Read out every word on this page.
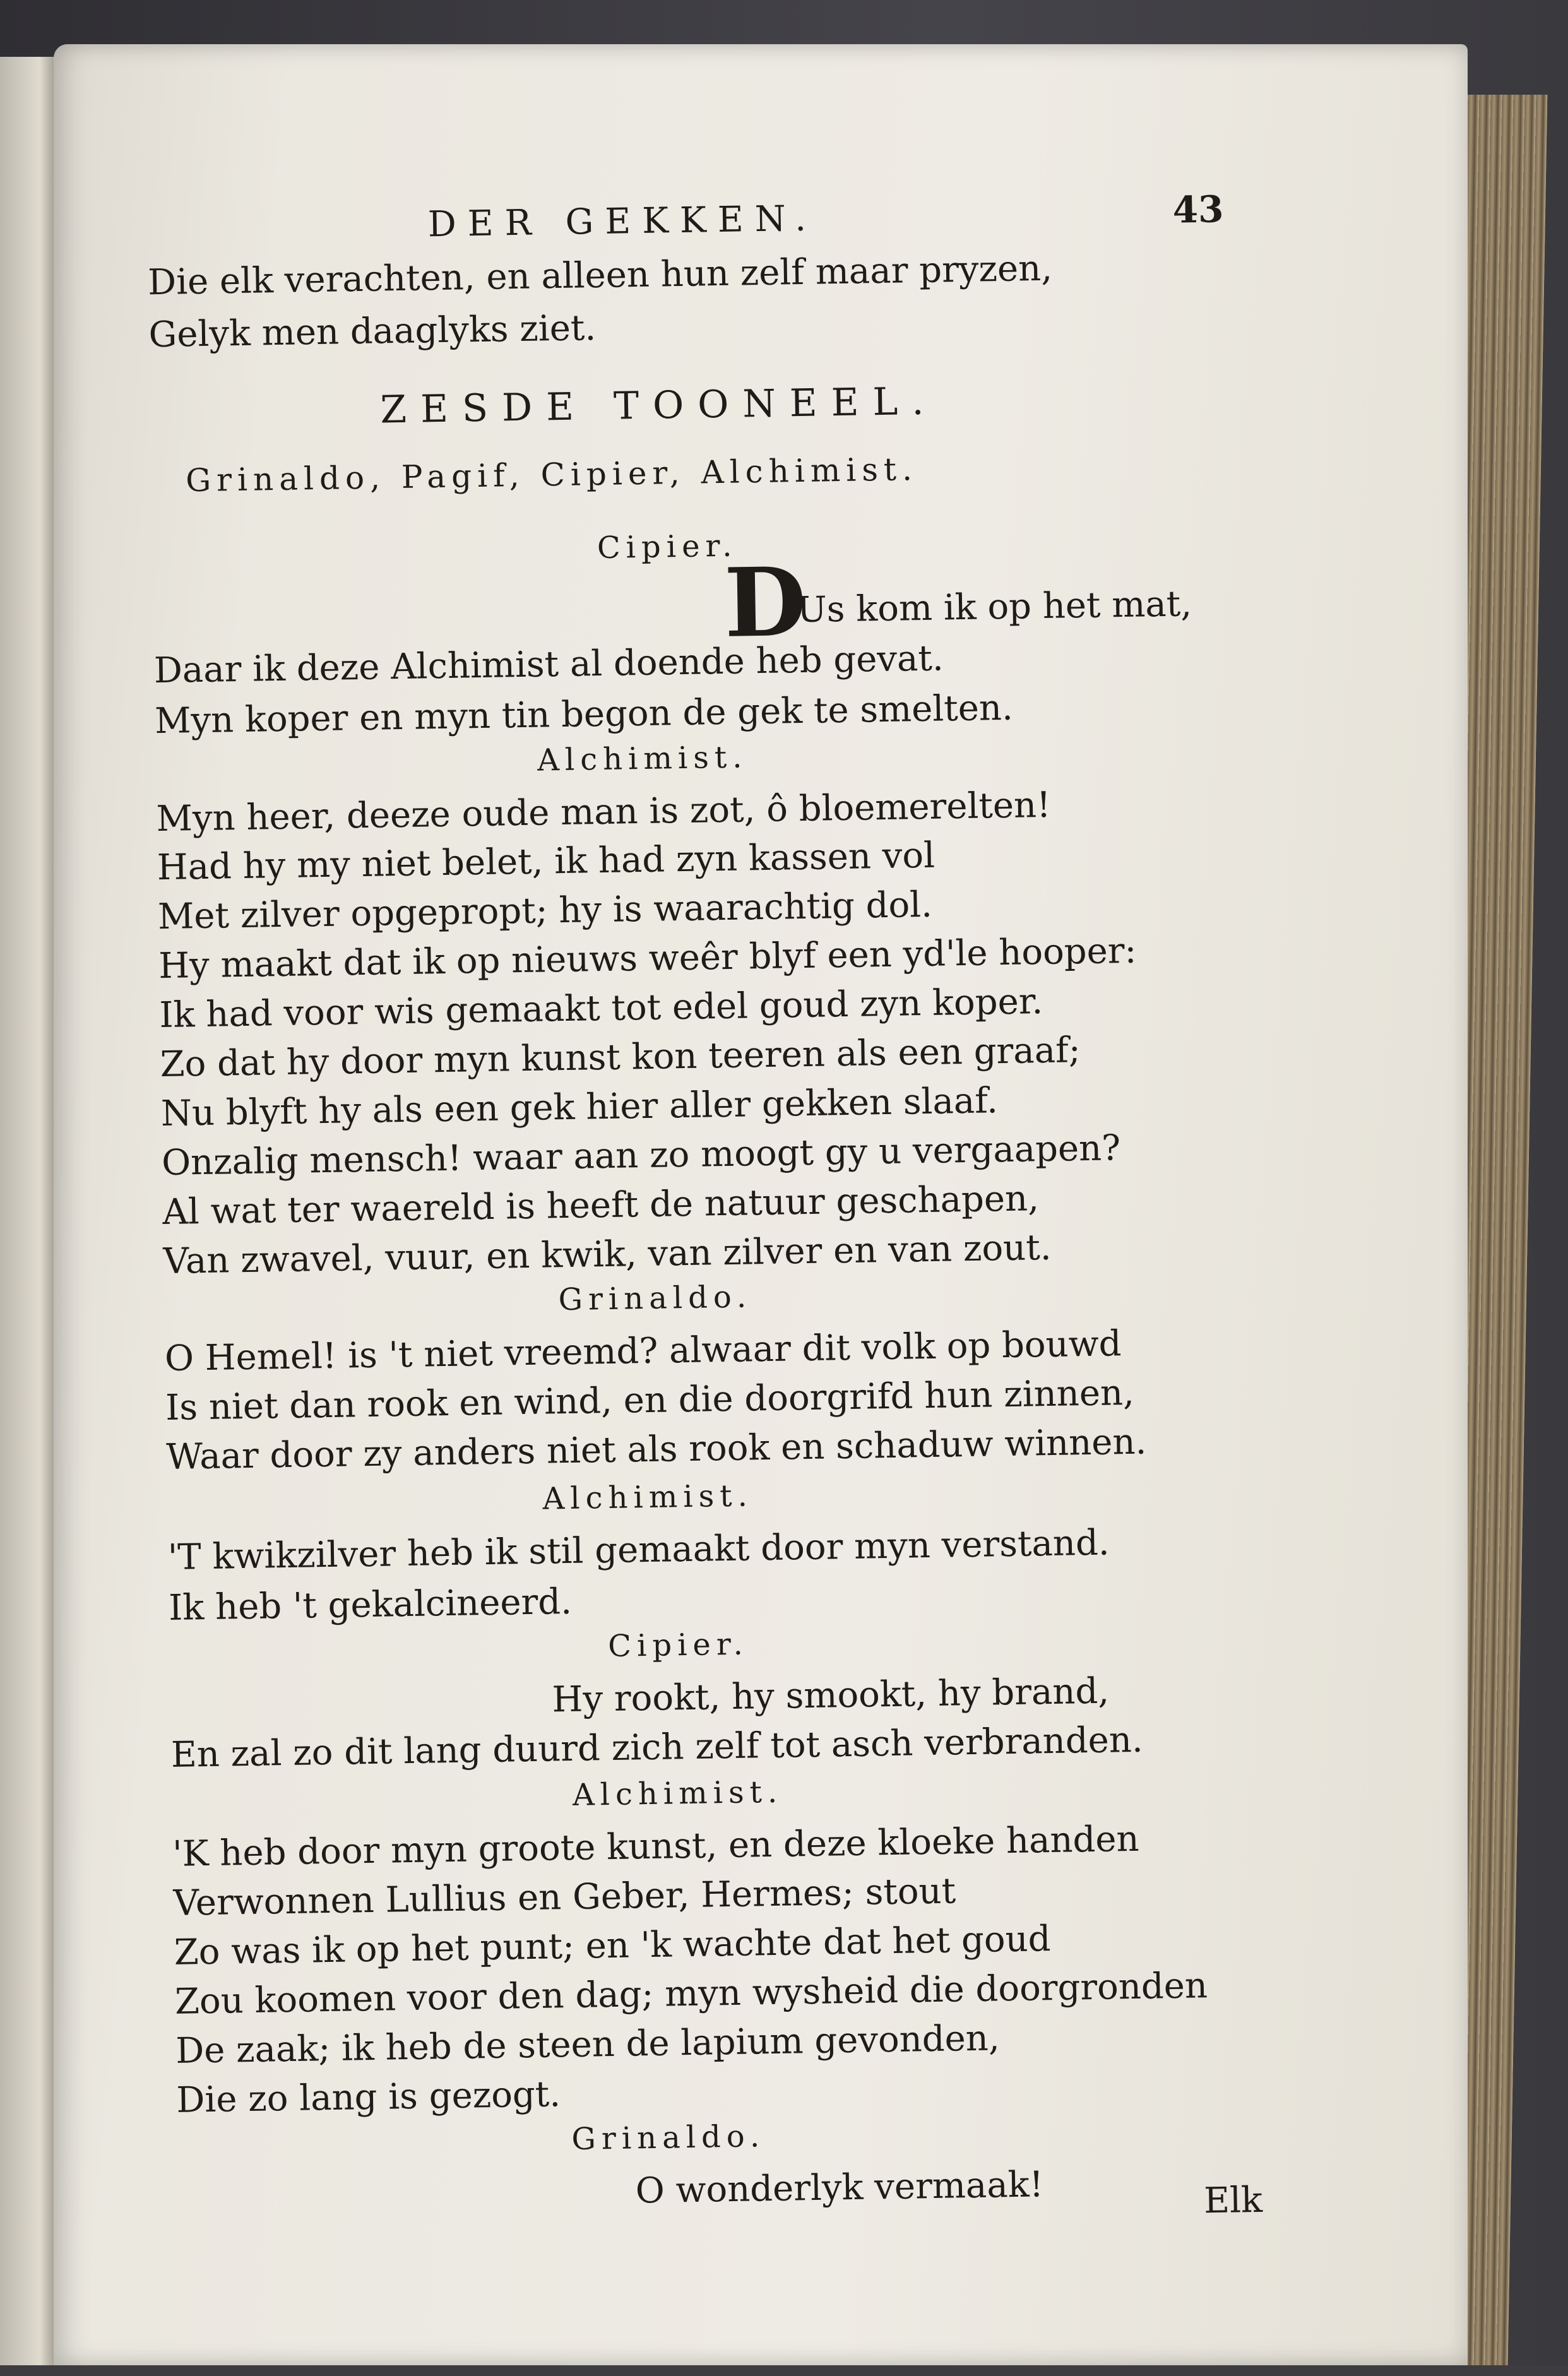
DER GEKKEN.	43
Die elk verachten, en alleen hun zelf maar pryzen,
Gelyk men daaglyks ziet.
ZESDE TOONEEL.
Grinaldo, Pagif, Cipier, Alchimist.
Cipier.
D
Us kom ik op het mat,
Daar ik deze Alchimist al doende heb gevat.
Myn koper en myn tin begon de gek te smelten.
Alchimist.
Myn heer, deeze oude man is zot, ô bloemerelten!
Had hy my niet belet, ik had zyn kassen vol
Met zilver opgepropt; hy is waarachtig dol.
Hy maakt dat ik op nieuws weêr blyf een yd'le hooper:
Ik had voor wis gemaakt tot edel goud zyn koper.
Zo dat hy door myn kunst kon teeren als een graaf;
Nu blyft hy als een gek hier aller gekken slaaf.
Onzalig mensch! waar aan zo moogt gy u vergaapen?
Al wat ter waereld is heeft de natuur geschapen,
Van zwavel, vuur, en kwik, van zilver en van zout.
Grinaldo.
O Hemel! is 't niet vreemd? alwaar dit volk op bouwd
Is niet dan rook en wind, en die doorgrifd hun zinnen,
Waar door zy anders niet als rook en schaduw winnen.
Alchimist.
'T kwikzilver heb ik stil gemaakt door myn verstand.
Ik heb 't gekalcineerd.
Cipier.
Hy rookt, hy smookt, hy brand,
En zal zo dit lang duurd zich zelf tot asch verbranden.
Alchimist.
'K heb door myn groote kunst, en deze kloeke handen
Verwonnen Lullius en Geber, Hermes; stout
Zo was ik op het punt; en 'k wachte dat het goud
Zou koomen voor den dag; myn wysheid die doorgronden
De zaak; ik heb de steen de lapium gevonden,
Die zo lang is gezogt.
Grinaldo.
O wonderlyk vermaak!	Elk
